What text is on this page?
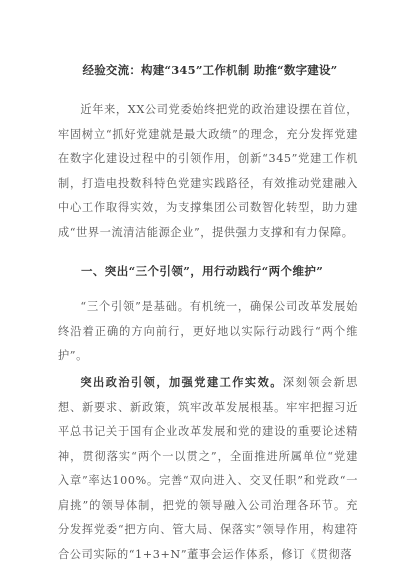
经验交流：构建“345”工作机制 助推“数字建设”
近年来，XX公司党委始终把党的政治建设摆在首位，牢固树立“抓好党建就是最大政绩”的理念，充分发挥党建在数字化建设过程中的引领作用，创新“345”党建工作机制，打造电投数科特色党建实践路径，有效推动党建融入中心工作取得实效，为支撑集团公司数智化转型，助力建成“世界一流清洁能源企业”，提供强力支撑和有力保障。
一、突出“三个引领”，用行动践行“两个维护”
“三个引领”是基础。有机统一，确保公司改革发展始终沿着正确的方向前行，更好地以实际行动践行“两个维护”。
突出政治引领，加强党建工作实效。深刻领会新思想、新要求、新政策，筑牢改革发展根基。牢牢把握习近平总书记关于国有企业改革发展和党的建设的重要论述精神，贯彻落实“两个一以贯之”，全面推进所属单位“党建入章”率达100%。完善“双向进入、交叉任职”和党政“一肩挑”的领导体制，把党的领导融入公司治理各环节。充分发挥党委“把方向、管大局、保落实”领导作用，构建符合公司实际的“1+3+N”董事会运作体系，修订《贯彻落
